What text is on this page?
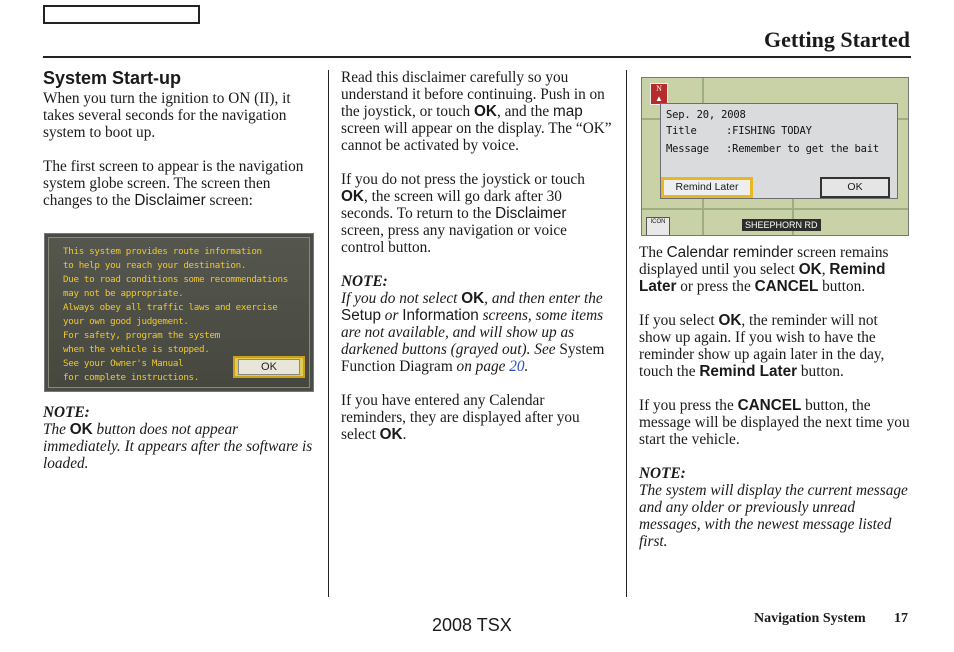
Getting Started

System Start-up

When you turn the ignition to ON (II), it takes several seconds for the navigation system to boot up.

The first screen to appear is the navigation system globe screen. The screen then changes to the Disclaimer screen:

This system provides route information
to help you reach your destination.
Due to road conditions some recommendations
may not be appropriate.
Always obey all traffic laws and exercise
your own good judgement.
For safety, program the system
when the vehicle is stopped.
See your Owner's Manual
for complete instructions.
OK

NOTE:

The OK button does not appear immediately. It appears after the software is loaded.

Read this disclaimer carefully so you understand it before continuing. Push in on the joystick, or touch OK, and the map screen will appear on the display. The “OK” cannot be activated by voice.

If you do not press the joystick or touch OK, the screen will go dark after 30 seconds. To return to the Disclaimer screen, press any navigation or voice control button.

NOTE:

If you do not select OK, and then enter the Setup or Information screens, some items are not available, and will show up as darkened buttons (grayed out). See System Function Diagram on page 20.

If you have entered any Calendar reminders, they are displayed after you select OK.

N
▲
Sep. 20, 2008
Title	:FISHING TODAY
Message :Remember to get the bait
Remind Later	OK
SHEEPHORN RD
ICON

The Calendar reminder screen remains displayed until you select OK, Remind Later or press the CANCEL button.

If you select OK, the reminder will not show up again. If you wish to have the reminder show up again later in the day, touch the Remind Later button.

If you press the CANCEL button, the message will be displayed the next time you start the vehicle.

NOTE:

The system will display the current message and any older or previously unread messages, with the newest message listed first.

2008 TSX	Navigation System 17
